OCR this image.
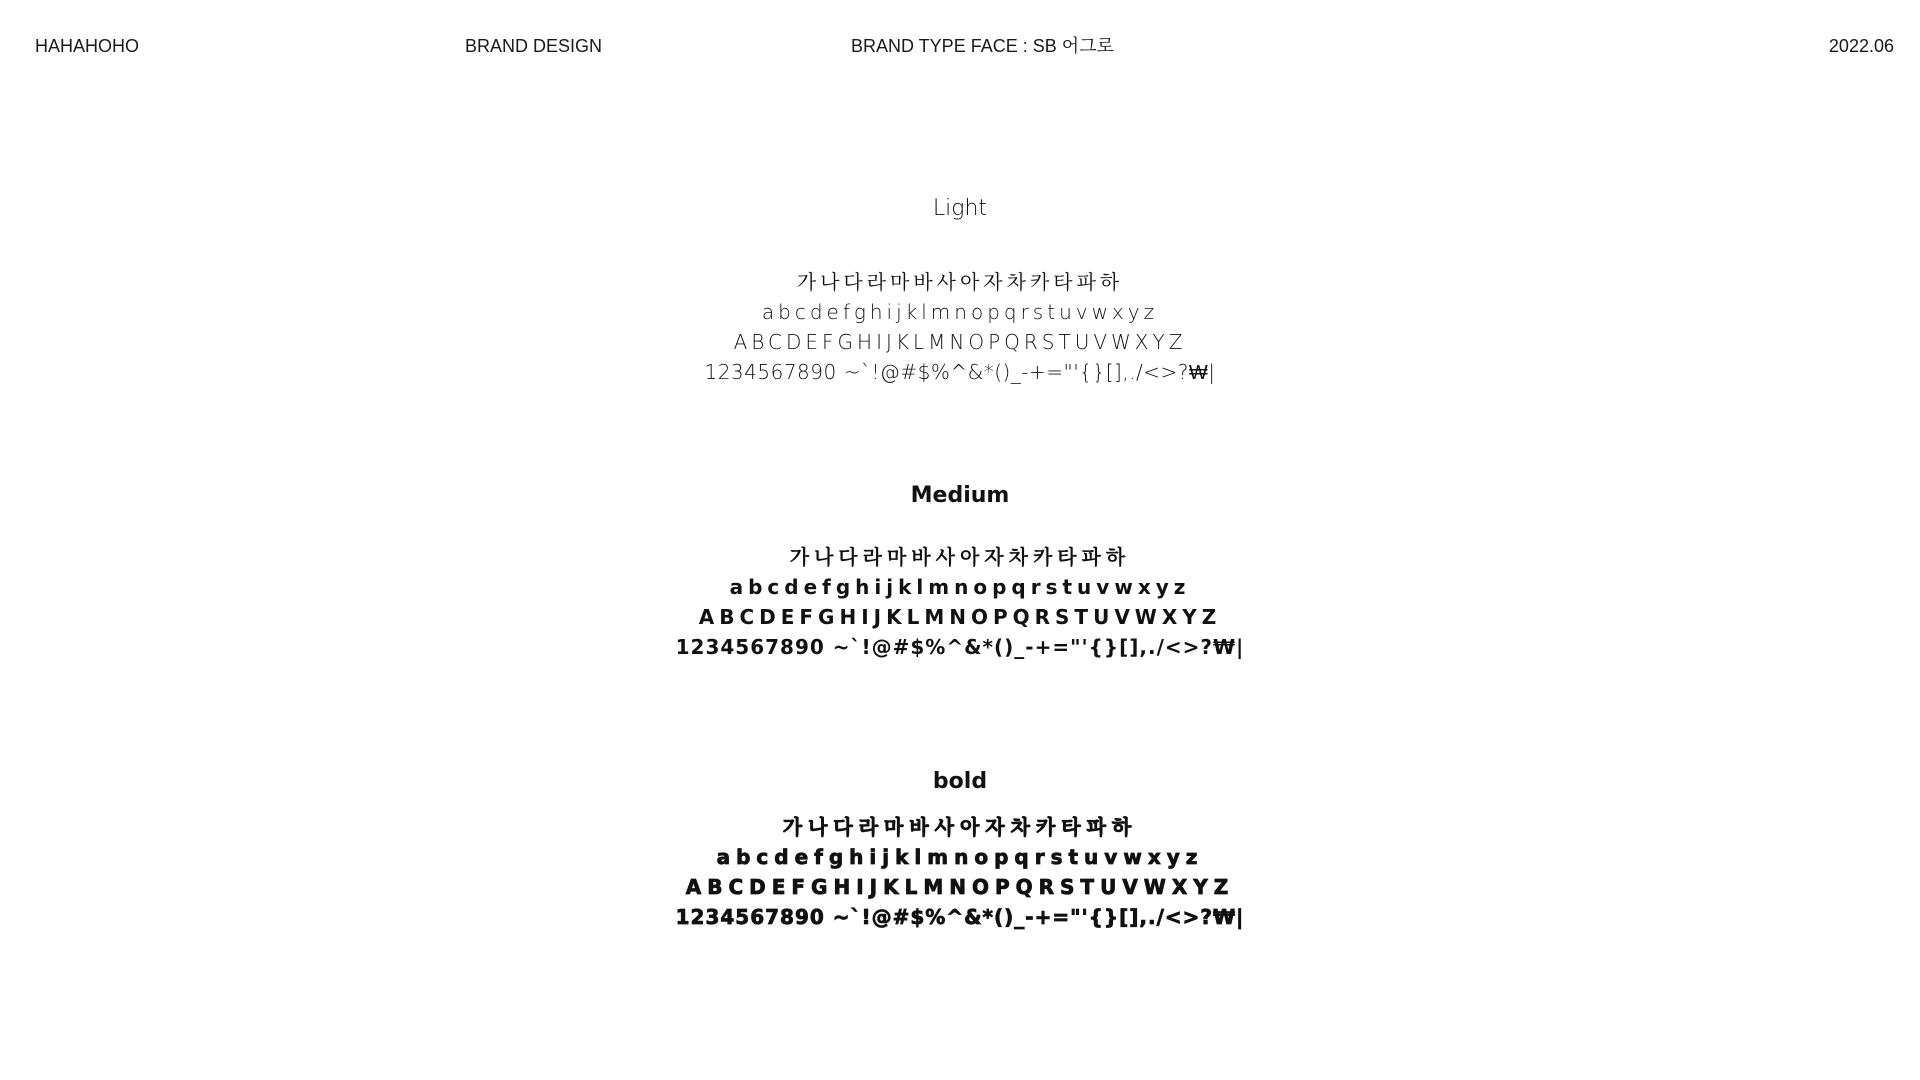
HAHAHOHO	BRAND DESIGN	BRAND TYPE FACE : SB 어그로	2022.06
Light

가나다라마바사아자차카타파하

abcdefghijklmnopqrstuvwxyz

ABCDEFGHIJKLMNOPQRSTUVWXYZ

1234567890 ~`!@#$%^&*()_-+="'{}[],./<>?₩|

Medium

가나다라마바사아자차카타파하

abcdefghijklmnopqrstuvwxyz

ABCDEFGHIJKLMNOPQRSTUVWXYZ

1234567890 ~`!@#$%^&*()_-+="'{}[],./<>?₩|

bold

가나다라마바사아자차카타파하

abcdefghijklmnopqrstuvwxyz

ABCDEFGHIJKLMNOPQRSTUVWXYZ

1234567890 ~`!@#$%^&*()_-+="'{}[],./<>?₩|
